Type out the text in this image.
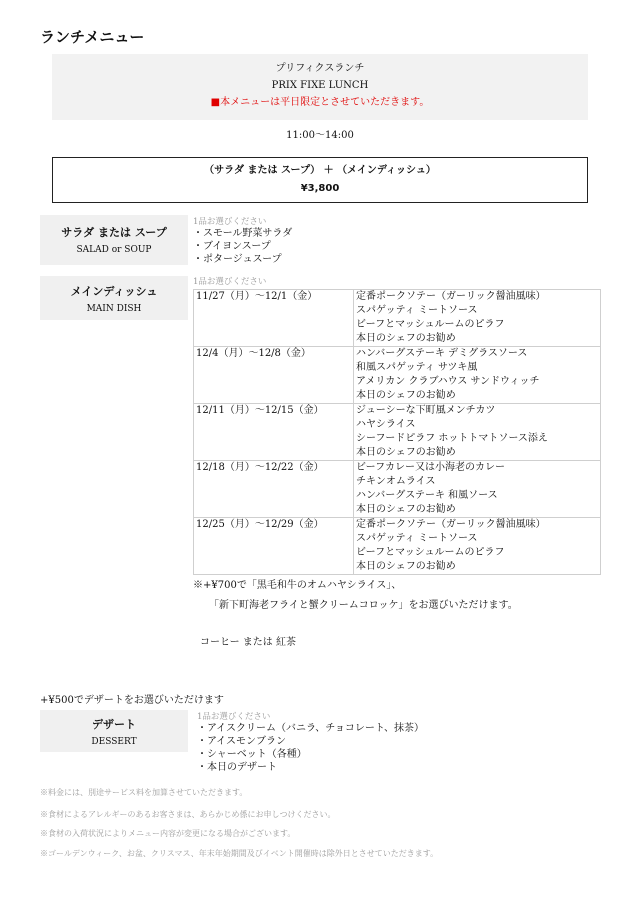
ランチメニュー
プリフィクスランチ
PRIX FIXE LUNCH
■本メニューは平日限定とさせていただきます。
11:00～14:00
（サラダ または スープ） ＋ （メインディッシュ）
¥3,800
サラダ または スープ
SALAD or SOUP
1品お選びください
・スモール野菜サラダ
・ブイヨンスープ
・ポタージュスープ
メインディッシュ
MAIN DISH
1品お選びください
11/27（月）～12/1（金）	定番ポークソテー（ガーリック醤油風味）
スパゲッティ ミートソース
ビーフとマッシュルームのピラフ
本日のシェフのお勧め

12/4（月）～12/8（金）	ハンバーグステーキ デミグラスソース
和風スパゲッティ サツキ風
アメリカン クラブハウス サンドウィッチ
本日のシェフのお勧め

12/11（月）～12/15（金）	ジューシーな下町風メンチカツ
ハヤシライス
シーフードピラフ ホットトマトソース添え
本日のシェフのお勧め

12/18（月）～12/22（金）	ビーフカレー又は小海老のカレー
チキンオムライス
ハンバーグステーキ 和風ソース
本日のシェフのお勧め

12/25（月）～12/29（金）	定番ポークソテー（ガーリック醤油風味）
スパゲッティ ミートソース
ビーフとマッシュルームのピラフ
本日のシェフのお勧め
※+¥700で「黒毛和牛のオムハヤシライス」、
「新下町海老フライと蟹クリームコロッケ」をお選びいただけます。
コーヒー または 紅茶
+¥500でデザートをお選びいただけます
デザート
DESSERT
1品お選びください
・アイスクリーム（バニラ、チョコレート、抹茶）
・アイスモンブラン
・シャーベット（各種）
・本日のデザート
※料金には、別途サービス料を加算させていただきます。
※食材によるアレルギーのあるお客さまは、あらかじめ係にお申しつけください。
※食材の入荷状況によりメニュー内容が変更になる場合がございます。
※ゴールデンウィーク、お盆、クリスマス、年末年始期間及びイベント開催時は除外日とさせていただきます。
